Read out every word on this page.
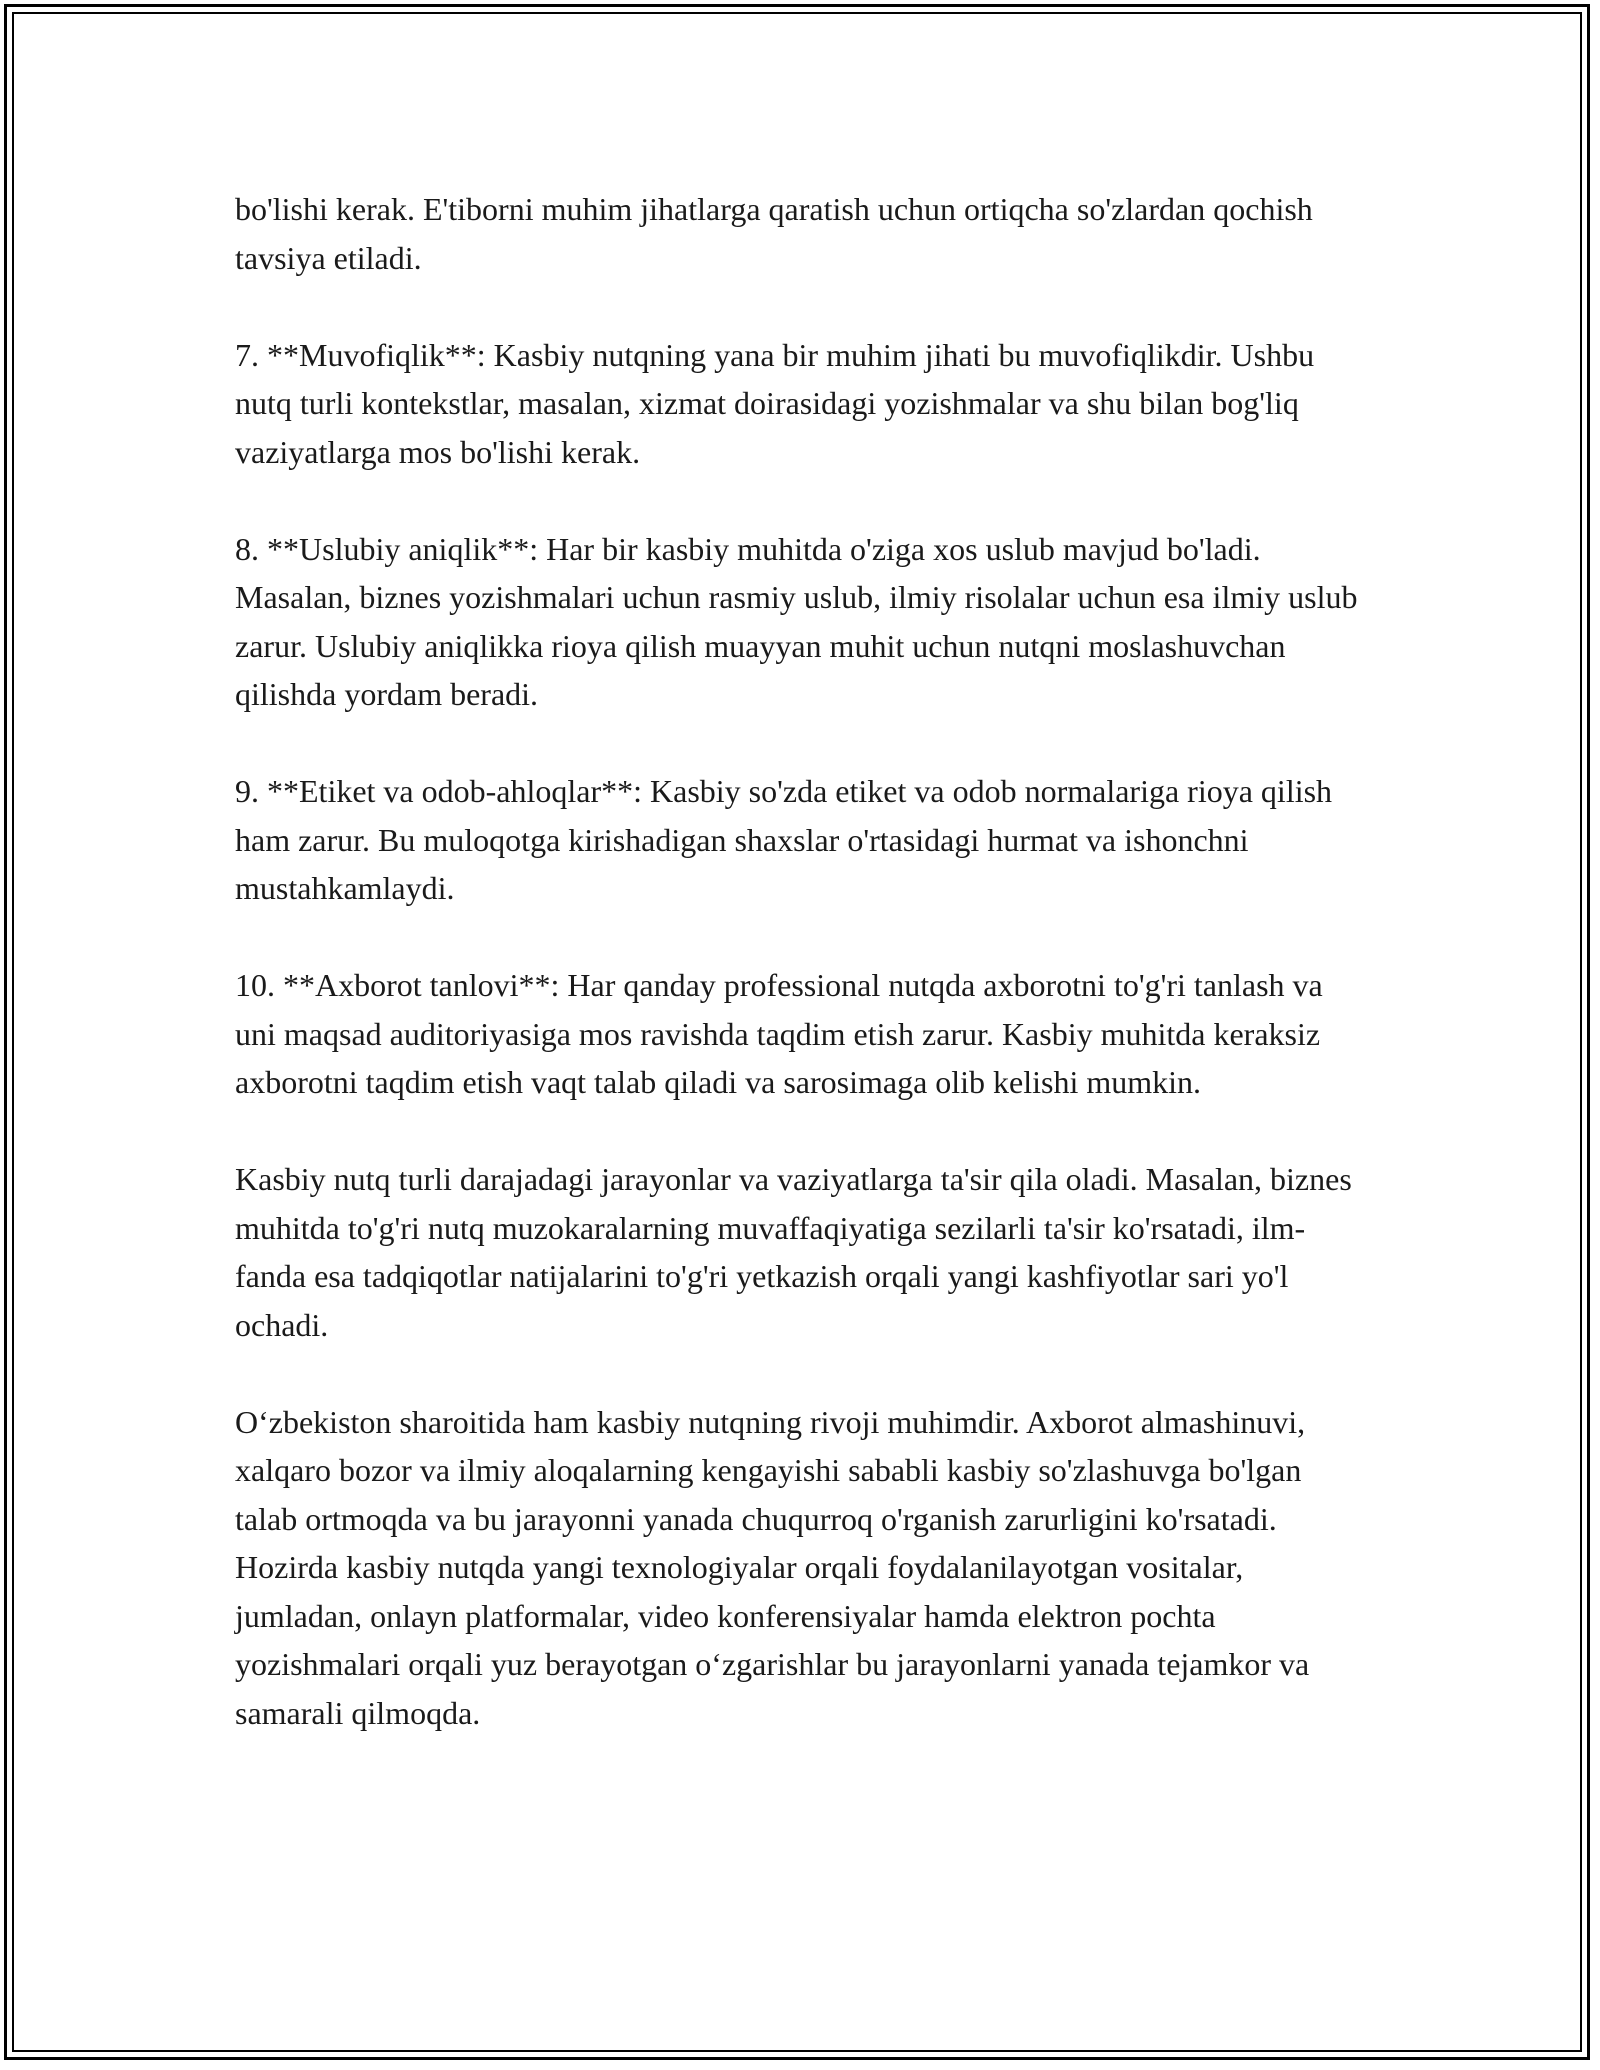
bo'lishi kerak. E'tiborni muhim jihatlarga qaratish uchun ortiqcha so'zlardan qochish tavsiya etiladi.

7. **Muvofiqlik**: Kasbiy nutqning yana bir muhim jihati bu muvofiqlikdir. Ushbu nutq turli kontekstlar, masalan, xizmat doirasidagi yozishmalar va shu bilan bog'liq vaziyatlarga mos bo'lishi kerak.

8. **Uslubiy aniqlik**: Har bir kasbiy muhitda o'ziga xos uslub mavjud bo'ladi. Masalan, biznes yozishmalari uchun rasmiy uslub, ilmiy risolalar uchun esa ilmiy uslub zarur. Uslubiy aniqlikka rioya qilish muayyan muhit uchun nutqni moslashuvchan qilishda yordam beradi.

9. **Etiket va odob-ahloqlar**: Kasbiy so'zda etiket va odob normalariga rioya qilish ham zarur. Bu muloqotga kirishadigan shaxslar o'rtasidagi hurmat va ishonchni mustahkamlaydi.

10. **Axborot tanlovi**: Har qanday professional nutqda axborotni to'g'ri tanlash va uni maqsad auditoriyasiga mos ravishda taqdim etish zarur. Kasbiy muhitda keraksiz axborotni taqdim etish vaqt talab qiladi va sarosimaga olib kelishi mumkin.

Kasbiy nutq turli darajadagi jarayonlar va vaziyatlarga ta'sir qila oladi. Masalan, biznes muhitda to'g'ri nutq muzokaralarning muvaffaqiyatiga sezilarli ta'sir ko'rsatadi, ilm-fanda esa tadqiqotlar natijalarini to'g'ri yetkazish orqali yangi kashfiyotlar sari yo'l ochadi.

O‘zbekiston sharoitida ham kasbiy nutqning rivoji muhimdir. Axborot almashinuvi, xalqaro bozor va ilmiy aloqalarning kengayishi sababli kasbiy so'zlashuvga bo'lgan talab ortmoqda va bu jarayonni yanada chuqurroq o'rganish zarurligini ko'rsatadi. Hozirda kasbiy nutqda yangi texnologiyalar orqali foydalanilayotgan vositalar, jumladan, onlayn platformalar, video konferensiyalar hamda elektron pochta yozishmalari orqali yuz berayotgan o‘zgarishlar bu jarayonlarni yanada tejamkor va samarali qilmoqda.
